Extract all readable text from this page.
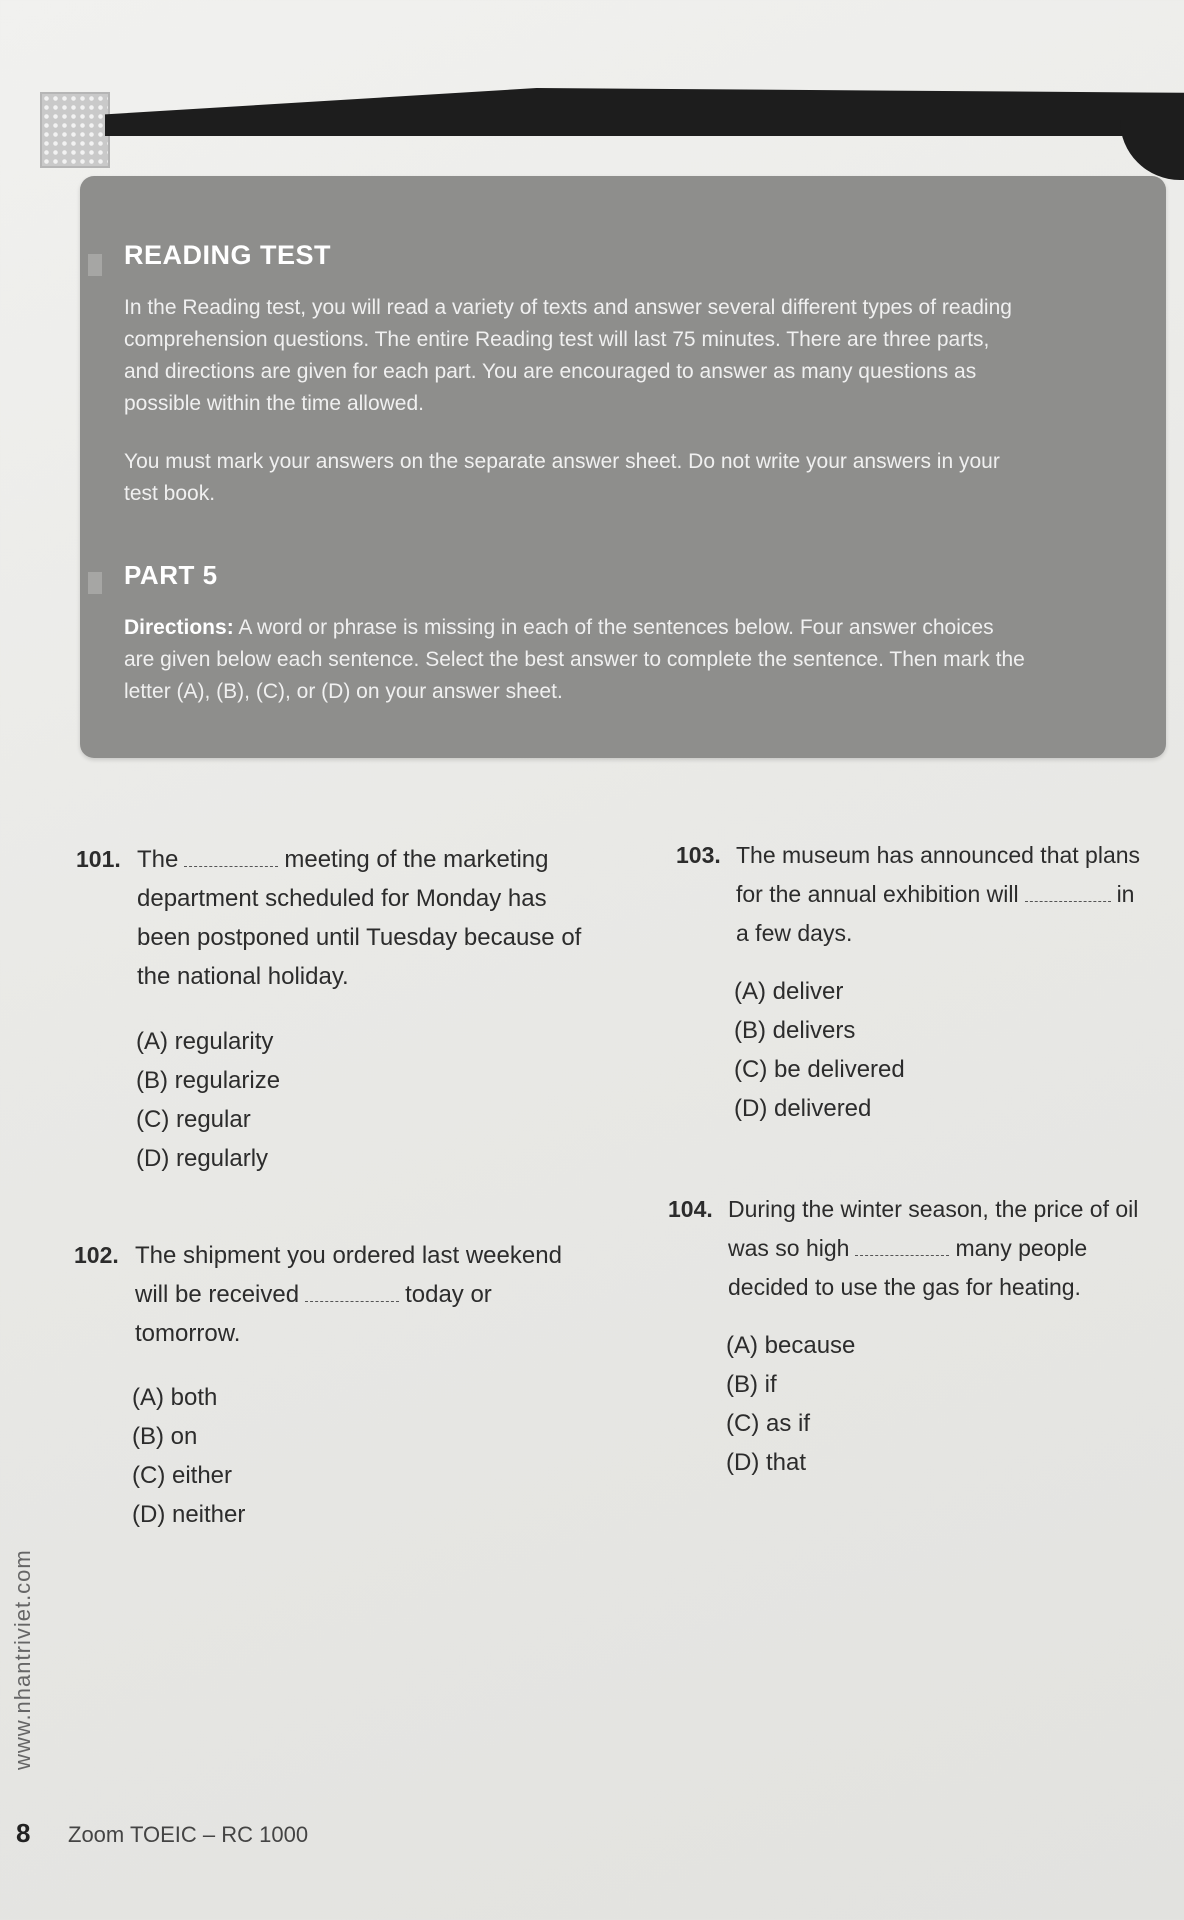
READING TEST

In the Reading test, you will read a variety of texts and answer several different types of reading
comprehension questions. The entire Reading test will last 75 minutes. There are three parts,
and directions are given for each part. You are encouraged to answer as many questions as
possible within the time allowed.

You must mark your answers on the separate answer sheet. Do not write your answers in your
test book.

PART 5

Directions: A word or phrase is missing in each of the sentences below. Four answer choices
are given below each sentence. Select the best answer to complete the sentence. Then mark the
letter (A), (B), (C), or (D) on your answer sheet.

101. The	meeting of the marketing
department scheduled for Monday has
been postponed until Tuesday because of
the national holiday.
(A) regularity
(B) regularize
(C) regular
(D) regularly
102. The shipment you ordered last weekend
will be received	today or
tomorrow.
(A) both
(B) on
(C) either
(D) neither
103. The museum has announced that plans
for the annual exhibition will	in
a few days.
(A) deliver
(B) delivers
(C) be delivered
(D) delivered
104. During the winter season, the price of oil
was so high	many people
decided to use the gas for heating.
(A) because
(B) if
(C) as if
(D) that
www.nhantriviet.com
8 Zoom TOEIC – RC 1000
